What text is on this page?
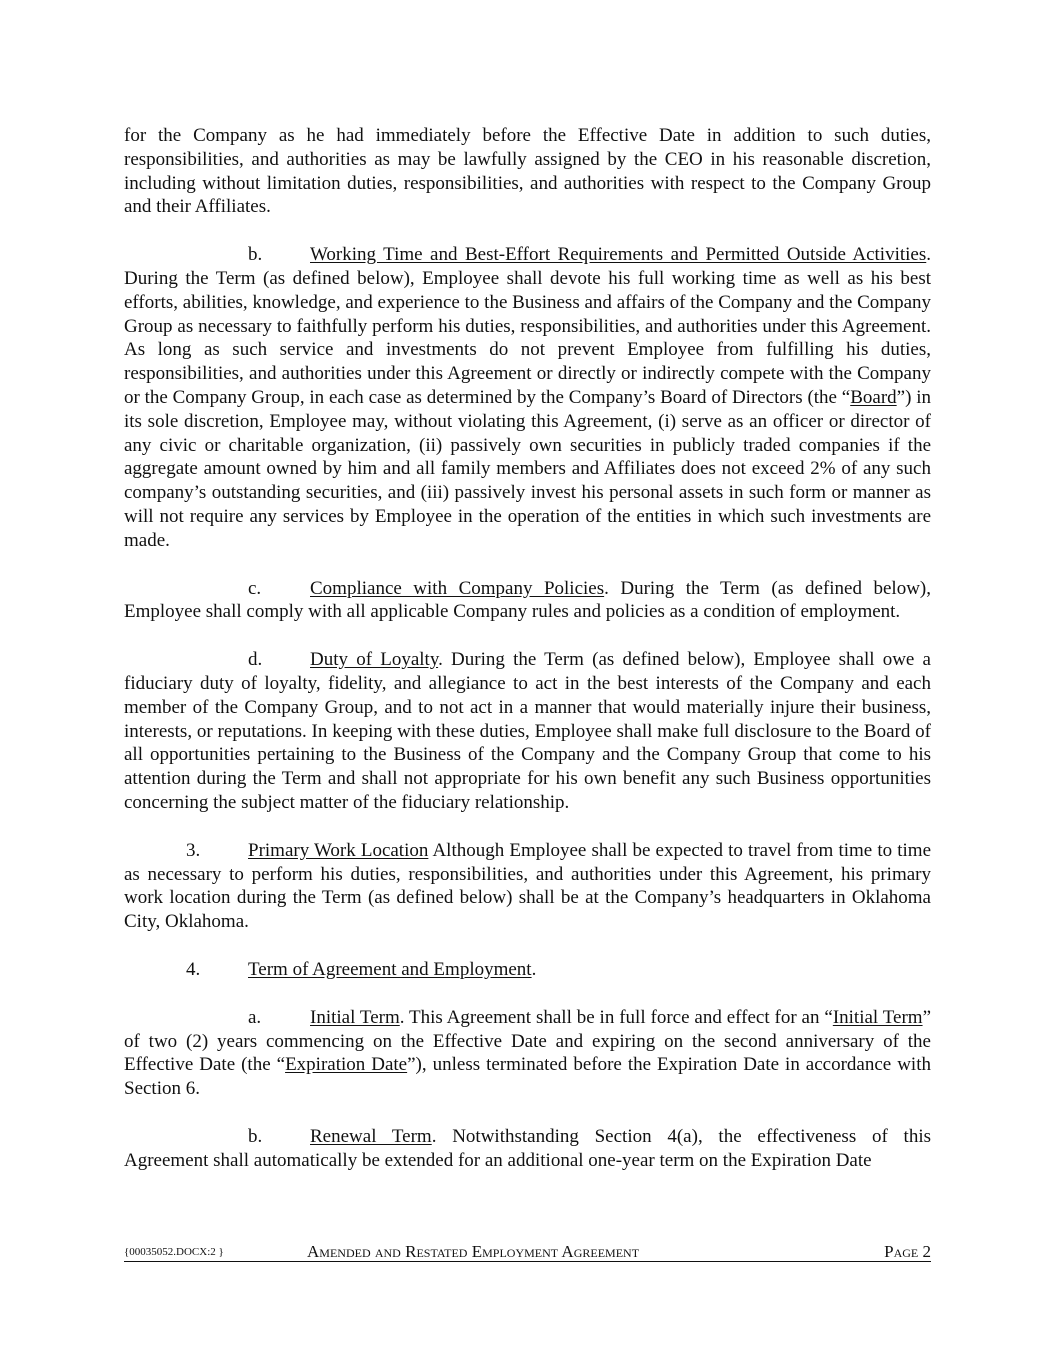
for the Company as he had immediately before the Effective Date in addition to such duties, responsibilities, and authorities as may be lawfully assigned by the CEO in his reasonable discretion, including without limitation duties, responsibilities, and authorities with respect to the Company Group and their Affiliates.

b.	Working Time and Best-Effort Requirements and Permitted Outside Activities. During the Term (as defined below), Employee shall devote his full working time as well as his best efforts, abilities, knowledge, and experience to the Business and affairs of the Company and the Company Group as necessary to faithfully perform his duties, responsibilities, and authorities under this Agreement. As long as such service and investments do not prevent Employee from fulfilling his duties, responsibilities, and authorities under this Agreement or directly or indirectly compete with the Company or the Company Group, in each case as determined by the Company’s Board of Directors (the “Board”) in its sole discretion, Employee may, without violating this Agreement, (i) serve as an officer or director of any civic or charitable organization, (ii) passively own securities in publicly traded companies if the aggregate amount owned by him and all family members and Affiliates does not exceed 2% of any such company’s outstanding securities, and (iii) passively invest his personal assets in such form or manner as will not require any services by Employee in the operation of the entities in which such investments are made.

c.	Compliance with Company Policies. During the Term (as defined below), Employee shall comply with all applicable Company rules and policies as a condition of employment.

d.	Duty of Loyalty. During the Term (as defined below), Employee shall owe a fiduciary duty of loyalty, fidelity, and allegiance to act in the best interests of the Company and each member of the Company Group, and to not act in a manner that would materially injure their business, interests, or reputations. In keeping with these duties, Employee shall make full disclosure to the Board of all opportunities pertaining to the Business of the Company and the Company Group that come to his attention during the Term and shall not appropriate for his own benefit any such Business opportunities concerning the subject matter of the fiduciary relationship.

3.	Primary Work Location Although Employee shall be expected to travel from time to time as necessary to perform his duties, responsibilities, and authorities under this Agreement, his primary work location during the Term (as defined below) shall be at the Company’s headquarters in Oklahoma City, Oklahoma.

4.	Term of Agreement and Employment.

a.	Initial Term. This Agreement shall be in full force and effect for an “Initial Term” of two (2) years commencing on the Effective Date and expiring on the second anniversary of the Effective Date (the “Expiration Date”), unless terminated before the Expiration Date in accordance with Section 6.

b.	Renewal Term. Notwithstanding Section 4(a), the effectiveness of this Agreement shall automatically be extended for an additional one-year term on the Expiration Date

{00035052.DOCX:2 }	Amended and Restated Employment Agreement	Page 2
